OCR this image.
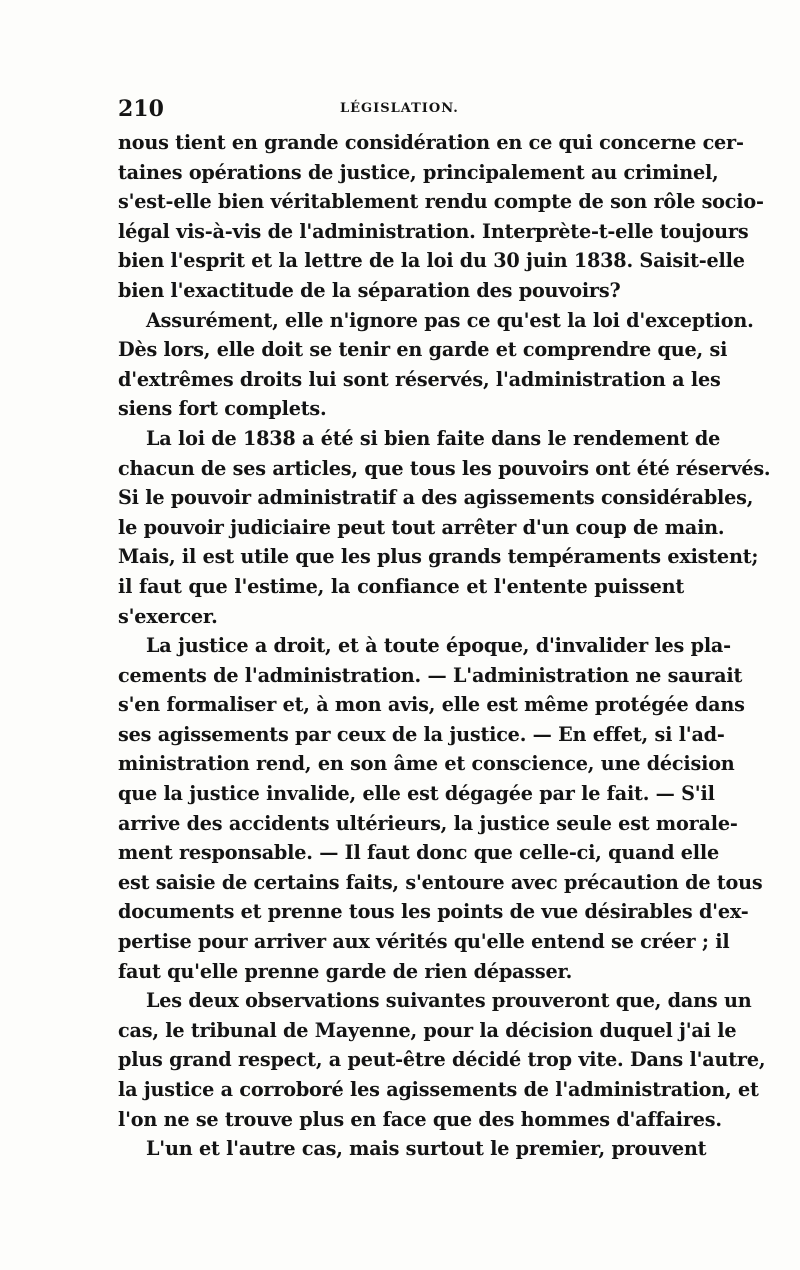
210	LÉGISLATION.
nous tient en grande considération en ce qui concerne cer-
taines opérations de justice, principalement au criminel,
s'est-elle bien véritablement rendu compte de son rôle socio-
légal vis-à-vis de l'administration. Interprète-t-elle toujours
bien l'esprit et la lettre de la loi du 30 juin 1838. Saisit-elle
bien l'exactitude de la séparation des pouvoirs?
Assurément, elle n'ignore pas ce qu'est la loi d'exception.
Dès lors, elle doit se tenir en garde et comprendre que, si
d'extrêmes droits lui sont réservés, l'administration a les
siens fort complets.
La loi de 1838 a été si bien faite dans le rendement de
chacun de ses articles, que tous les pouvoirs ont été réservés.
Si le pouvoir administratif a des agissements considérables,
le pouvoir judiciaire peut tout arrêter d'un coup de main.
Mais, il est utile que les plus grands tempéraments existent;
il faut que l'estime, la confiance et l'entente puissent
s'exercer.
La justice a droit, et à toute époque, d'invalider les pla-
cements de l'administration. — L'administration ne saurait
s'en formaliser et, à mon avis, elle est même protégée dans
ses agissements par ceux de la justice. — En effet, si l'ad-
ministration rend, en son âme et conscience, une décision
que la justice invalide, elle est dégagée par le fait. — S'il
arrive des accidents ultérieurs, la justice seule est morale-
ment responsable. — Il faut donc que celle-ci, quand elle
est saisie de certains faits, s'entoure avec précaution de tous
documents et prenne tous les points de vue désirables d'ex-
pertise pour arriver aux vérités qu'elle entend se créer ; il
faut qu'elle prenne garde de rien dépasser.
Les deux observations suivantes prouveront que, dans un
cas, le tribunal de Mayenne, pour la décision duquel j'ai le
plus grand respect, a peut-être décidé trop vite. Dans l'autre,
la justice a corroboré les agissements de l'administration, et
l'on ne se trouve plus en face que des hommes d'affaires.
L'un et l'autre cas, mais surtout le premier, prouvent
